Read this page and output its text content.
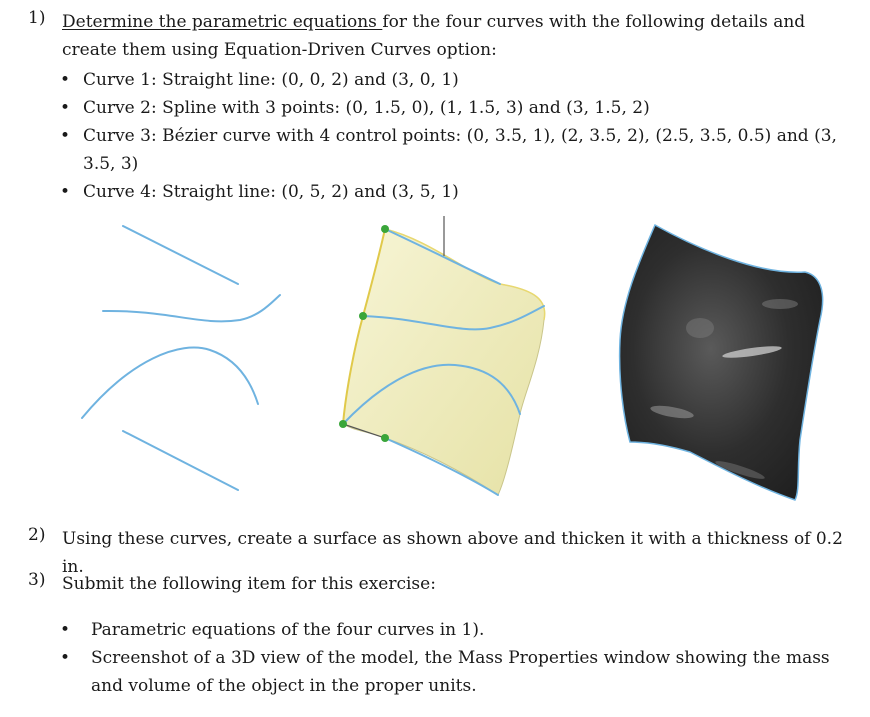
1) Determine the parametric equations for the four curves with the following details and create them using Equation-Driven Curves option:
• Curve 1: Straight line: (0, 0, 2) and (3, 0, 1)
• Curve 2: Spline with 3 points: (0, 1.5, 0), (1, 1.5, 3) and (3, 1.5, 2)
• Curve 3: Bézier curve with 4 control points: (0, 3.5, 1), (2, 3.5, 2), (2.5, 3.5, 0.5) and (3, 3.5, 3)
• Curve 4: Straight line: (0, 5, 2) and (3, 5, 1)
2) Using these curves, create a surface as shown above and thicken it with a thickness of 0.2 in.
3) Submit the following item for this exercise:
• Parametric equations of the four curves in 1).
• Screenshot of a 3D view of the model, the Mass Properties window showing the mass and volume of the object in the proper units.
